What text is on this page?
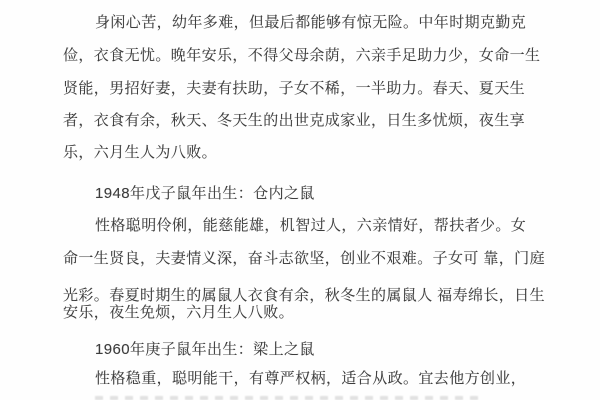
身闲心苦，幼年多难，但最后都能够有惊无险。中年时期克勤克
俭，衣食无忧。晚年安乐，不得父母余荫，六亲手足助力少，女命一生
贤能，男招好妻，夫妻有扶助，子女不稀，一半助力。春天、夏天生
者，衣食有余，秋天、冬天生的出世克成家业，日生多忧烦，夜生享
乐，六月生人为八败。
1948年戊子鼠年出生：仓内之鼠
性格聪明伶俐，能慈能雄，机智过人，六亲情好，帮扶者少。女
命一生贤良，夫妻情义深，奋斗志欲坚，创业不艰难。子女可 靠，门庭
光彩。春夏时期生的属鼠人衣食有余，秋冬生的属鼠人 福寿绵长，日生
安乐，夜生免烦，六月生人八败。
1960年庚子鼠年出生：梁上之鼠
性格稳重，聪明能干，有尊严权柄，适合从政。宜去他方创业，
